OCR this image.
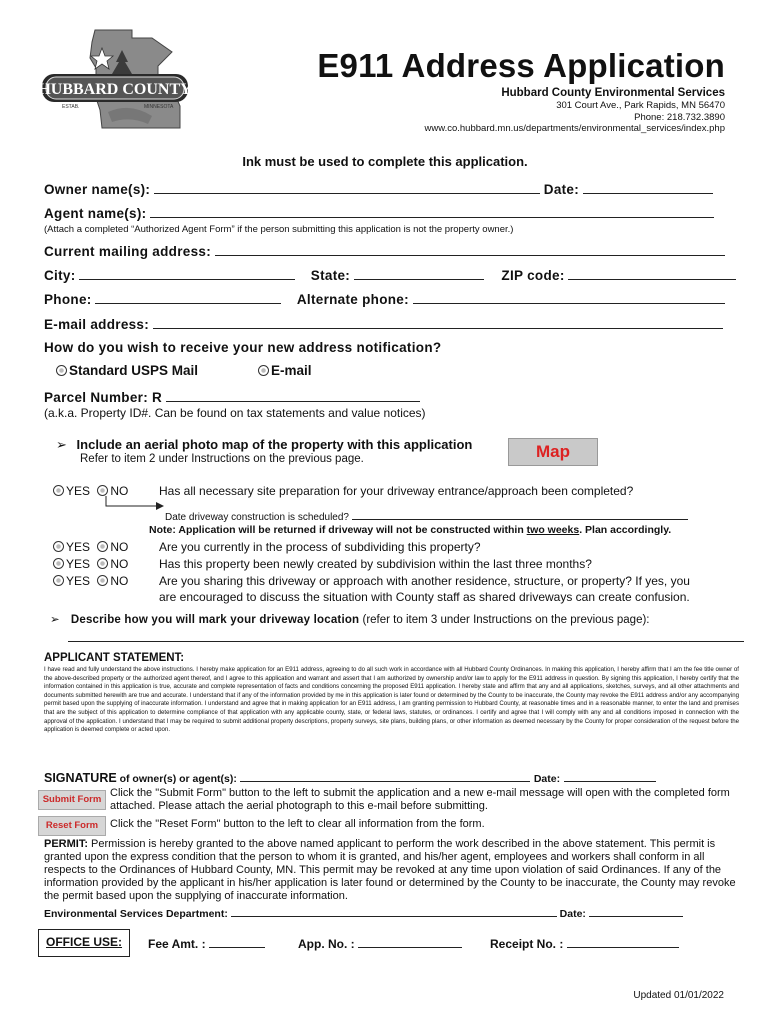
HUBBARD COUNTY
ESTAB.	MINNESOTA
E911 Address Application
Hubbard County Environmental Services
301 Court Ave., Park Rapids, MN 56470
Phone: 218.732.3890
www.co.hubbard.mn.us/departments/environmental_services/index.php
Ink must be used to complete this application.
Owner name(s):	Date:
Agent name(s):
(Attach a completed “Authorized Agent Form” if the person submitting this application is not the property owner.)
Current mailing address:
City:	State:	ZIP code:
Phone:	Alternate phone:
E-mail address:
How do you wish to receive your new address notification?
Standard USPS Mail	E-mail
Parcel Number: R
(a.k.a. Property ID#. Can be found on tax statements and value notices)
➢ Include an aerial photo map of the property with this application
Refer to item 2 under Instructions on the previous page.	Map
YES NO	Has all necessary site preparation for your driveway entrance/approach been completed?
Date driveway construction is scheduled?
Note: Application will be returned if driveway will not be constructed within two weeks. Plan accordingly.
YES NO	Are you currently in the process of subdividing this property?
YES NO	Has this property been newly created by subdivision within the last three months?
YES NO	Are you sharing this driveway or approach with another residence, structure, or property? If yes, you
are encouraged to discuss the situation with County staff as shared driveways can create confusion.
➢ Describe how you will mark your driveway location (refer to item 3 under Instructions on the previous page):
APPLICANT STATEMENT:
I have read and fully understand the above instructions. I hereby make application for an E911 address, agreeing to do all such work in accordance with all Hubbard County Ordinances. In making this application, I hereby affirm that I am the fee title owner of the above-described property or the authorized agent thereof, and I agree to this application and warrant and assert that I am authorized by ownership and/or law to apply for the E911 address in question. By signing this application, I hereby certify that the information contained in this application is true, accurate and complete representation of facts and conditions concerning the proposed E911 application. I hereby state and affirm that any and all applications, sketches, surveys, and all other attachments and documents submitted herewith are true and accurate. I understand that if any of the information provided by me in this application is later found or determined by the County to be inaccurate, the County may revoke the E911 address and/or any accompanying permit based upon the supplying of inaccurate information. I understand and agree that in making application for an E911 address, I am granting permission to Hubbard County, at reasonable times and in a reasonable manner, to enter the land and premises that are the subject of this application to determine compliance of that application with any applicable county, state, or federal laws, statutes, or ordinances. I certify and agree that I will comply with any and all conditions imposed in connection with the approval of the application. I understand that I may be required to submit additional property descriptions, property surveys, site plans, building plans, or other information as deemed necessary by the County for proper consideration of the request before the application is deemed complete or acted upon.
SIGNATURE of owner(s) or agent(s):	Date:
Submit Form
Click the "Submit Form" button to the left to submit the application and a new e-mail message will open with the completed form attached. Please attach the aerial photograph to this e-mail before submitting.
Reset Form	Click the "Reset Form" button to the left to clear all information from the form.
PERMIT: Permission is hereby granted to the above named applicant to perform the work described in the above statement. This permit is granted upon the express condition that the person to whom it is granted, and his/her agent, employees and workers shall conform in all respects to the Ordinances of Hubbard County, MN. This permit may be revoked at any time upon violation of said Ordinances. If any of the information provided by the applicant in his/her application is later found or determined by the County to be inaccurate, the County may revoke the permit based upon the supplying of inaccurate information.
Environmental Services Department:	Date:
OFFICE USE: Fee Amt. :	App. No. :	Receipt No. :
Updated 01/01/2022
